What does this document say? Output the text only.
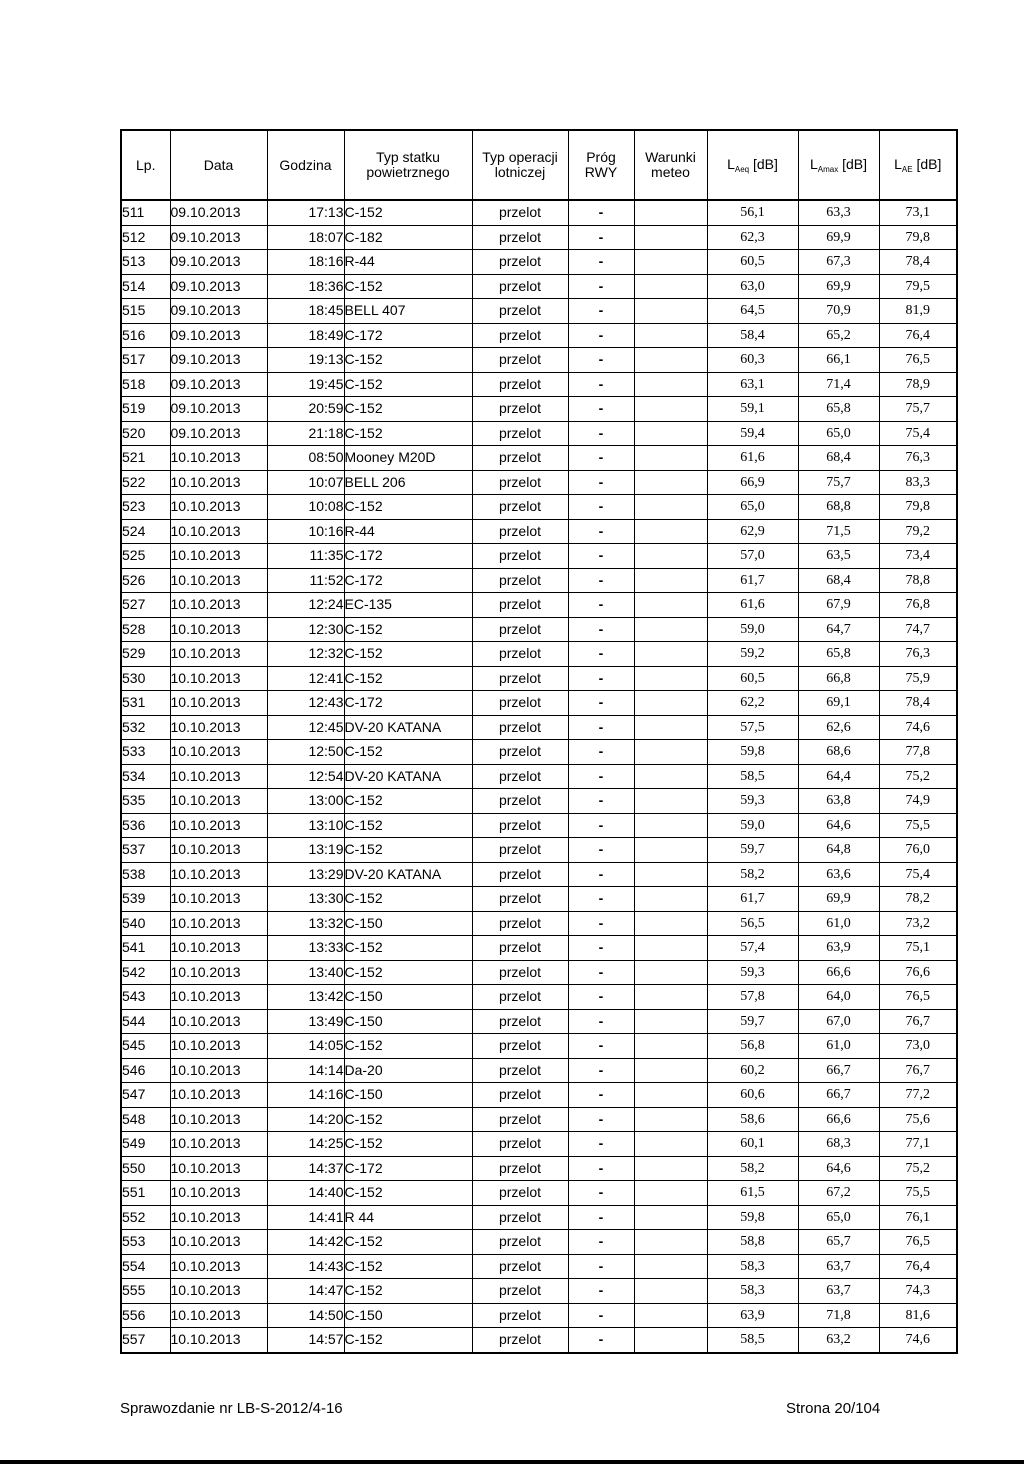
Lp.	Data	Godzina	Typ statku powietrznego	Typ operacji lotniczej	Próg RWY	Warunki meteo	$L_{Aeq}$ [dB]	$L_{Amax}$ [dB]	$L_{AE}$ [dB]
511	09.10.2013	17:13	C-152	przelot	-		56,1	63,3	73,1
512	09.10.2013	18:07	C-182	przelot	-		62,3	69,9	79,8
513	09.10.2013	18:16	R-44	przelot	-		60,5	67,3	78,4
514	09.10.2013	18:36	C-152	przelot	-		63,0	69,9	79,5
515	09.10.2013	18:45	BELL 407	przelot	-		64,5	70,9	81,9
516	09.10.2013	18:49	C-172	przelot	-		58,4	65,2	76,4
517	09.10.2013	19:13	C-152	przelot	-		60,3	66,1	76,5
518	09.10.2013	19:45	C-152	przelot	-		63,1	71,4	78,9
519	09.10.2013	20:59	C-152	przelot	-		59,1	65,8	75,7
520	09.10.2013	21:18	C-152	przelot	-		59,4	65,0	75,4
521	10.10.2013	08:50	Mooney M20D	przelot	-		61,6	68,4	76,3
522	10.10.2013	10:07	BELL 206	przelot	-		66,9	75,7	83,3
523	10.10.2013	10:08	C-152	przelot	-		65,0	68,8	79,8
524	10.10.2013	10:16	R-44	przelot	-		62,9	71,5	79,2
525	10.10.2013	11:35	C-172	przelot	-		57,0	63,5	73,4
526	10.10.2013	11:52	C-172	przelot	-		61,7	68,4	78,8
527	10.10.2013	12:24	EC-135	przelot	-		61,6	67,9	76,8
528	10.10.2013	12:30	C-152	przelot	-		59,0	64,7	74,7
529	10.10.2013	12:32	C-152	przelot	-		59,2	65,8	76,3
530	10.10.2013	12:41	C-152	przelot	-		60,5	66,8	75,9
531	10.10.2013	12:43	C-172	przelot	-		62,2	69,1	78,4
532	10.10.2013	12:45	DV-20 KATANA	przelot	-		57,5	62,6	74,6
533	10.10.2013	12:50	C-152	przelot	-		59,8	68,6	77,8
534	10.10.2013	12:54	DV-20 KATANA	przelot	-		58,5	64,4	75,2
535	10.10.2013	13:00	C-152	przelot	-		59,3	63,8	74,9
536	10.10.2013	13:10	C-152	przelot	-		59,0	64,6	75,5
537	10.10.2013	13:19	C-152	przelot	-		59,7	64,8	76,0
538	10.10.2013	13:29	DV-20 KATANA	przelot	-		58,2	63,6	75,4
539	10.10.2013	13:30	C-152	przelot	-		61,7	69,9	78,2
540	10.10.2013	13:32	C-150	przelot	-		56,5	61,0	73,2
541	10.10.2013	13:33	C-152	przelot	-		57,4	63,9	75,1
542	10.10.2013	13:40	C-152	przelot	-		59,3	66,6	76,6
543	10.10.2013	13:42	C-150	przelot	-		57,8	64,0	76,5
544	10.10.2013	13:49	C-150	przelot	-		59,7	67,0	76,7
545	10.10.2013	14:05	C-152	przelot	-		56,8	61,0	73,0
546	10.10.2013	14:14	Da-20	przelot	-		60,2	66,7	76,7
547	10.10.2013	14:16	C-150	przelot	-		60,6	66,7	77,2
548	10.10.2013	14:20	C-152	przelot	-		58,6	66,6	75,6
549	10.10.2013	14:25	C-152	przelot	-		60,1	68,3	77,1
550	10.10.2013	14:37	C-172	przelot	-		58,2	64,6	75,2
551	10.10.2013	14:40	C-152	przelot	-		61,5	67,2	75,5
552	10.10.2013	14:41	R 44	przelot	-		59,8	65,0	76,1
553	10.10.2013	14:42	C-152	przelot	-		58,8	65,7	76,5
554	10.10.2013	14:43	C-152	przelot	-		58,3	63,7	76,4
555	10.10.2013	14:47	C-152	przelot	-		58,3	63,7	74,3
556	10.10.2013	14:50	C-150	przelot	-		63,9	71,8	81,6
557	10.10.2013	14:57	C-152	przelot	-		58,5	63,2	74,6
Sprawozdanie nr LB-S-2012/4-16	Strona 20/104
